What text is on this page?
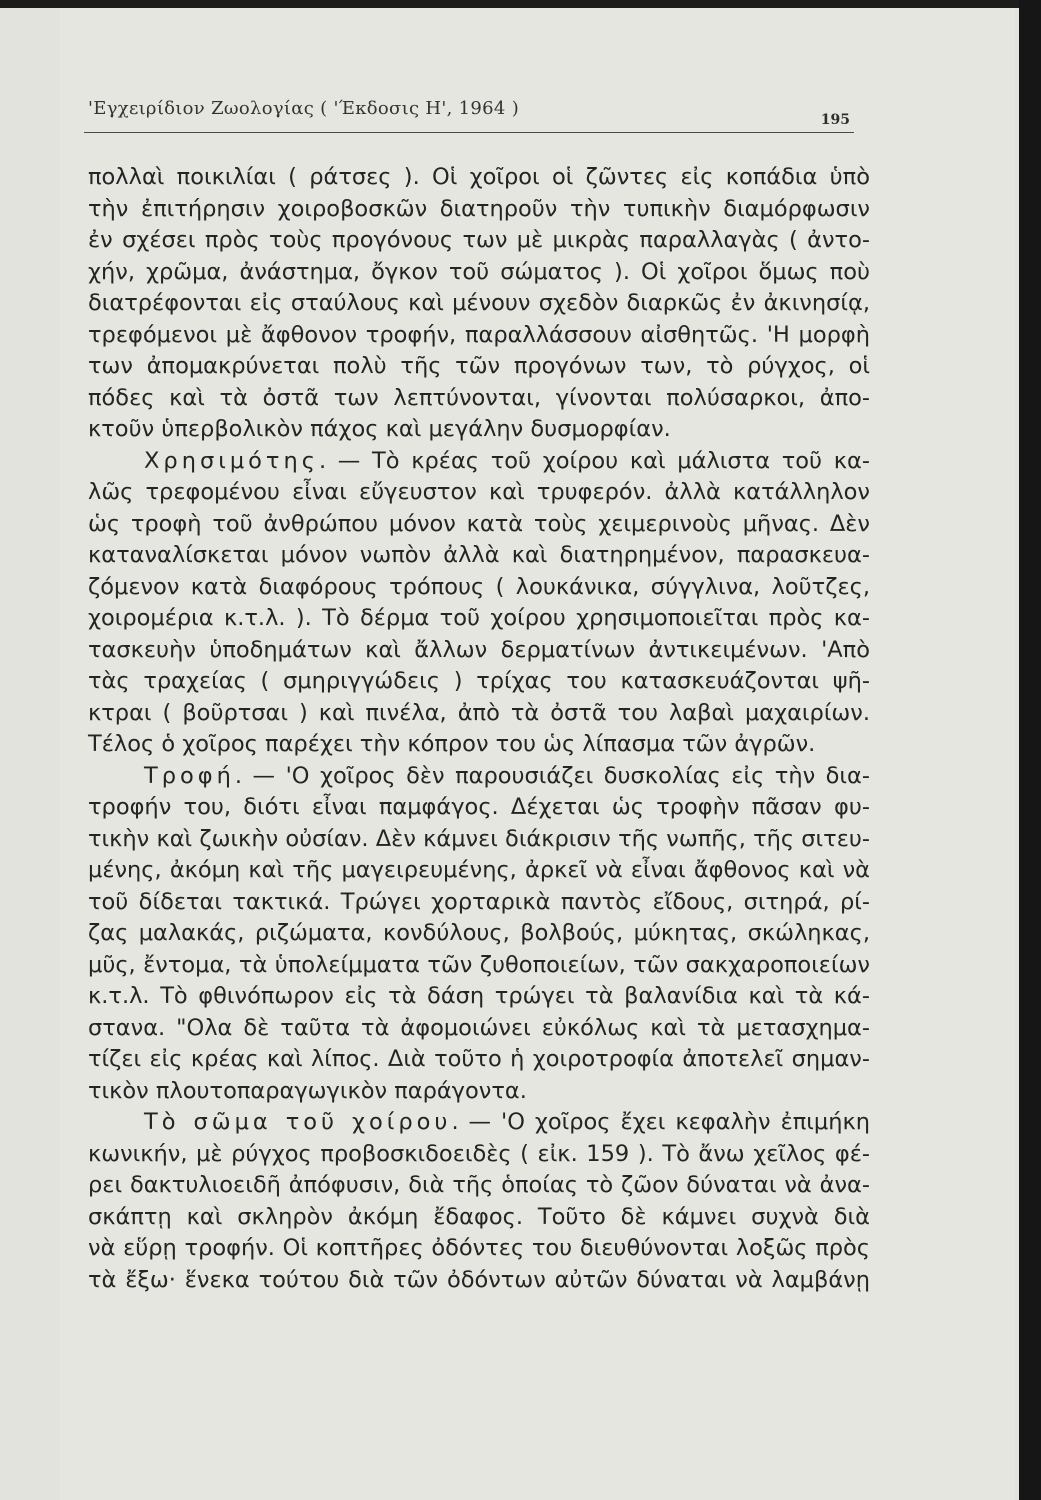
'Εγχειρίδιον Ζωολογίας ( 'Έκδοσις Η', 1964 )
195
πολλαὶ ποικιλίαι ( ράτσες ). Οἱ χοῖροι οἱ ζῶντες εἰς κοπάδια ὑπὸ
τὴν ἐπιτήρησιν χοιροβοσκῶν διατηροῦν τὴν τυπικὴν διαμόρφωσιν
ἐν σχέσει πρὸς τοὺς προγόνους των μὲ μικρὰς παραλλαγὰς ( ἀντο-
χήν, χρῶμα, ἀνάστημα, ὄγκον τοῦ σώματος ). Οἱ χοῖροι ὅμως ποὺ
διατρέφονται εἰς σταύλους καὶ μένουν σχεδὸν διαρκῶς ἐν ἀκινησίᾳ,
τρεφόμενοι μὲ ἄφθονον τροφήν, παραλλάσσουν αἰσθητῶς. 'Η μορφὴ
των ἀπομακρύνεται πολὺ τῆς τῶν προγόνων των, τὸ ρύγχος, οἱ
πόδες καὶ τὰ ὀστᾶ των λεπτύνονται, γίνονται πολύσαρκοι, ἀπο-
κτοῦν ὑπερβολικὸν πάχος καὶ μεγάλην δυσμορφίαν.
Χρησιμότης. — Τὸ κρέας τοῦ χοίρου καὶ μάλιστα τοῦ κα-
λῶς τρεφομένου εἶναι εὔγευστον καὶ τρυφερόν. ἀλλὰ κατάλληλον
ὡς τροφὴ τοῦ ἀνθρώπου μόνον κατὰ τοὺς χειμερινοὺς μῆνας. Δὲν
καταναλίσκεται μόνον νωπὸν ἀλλὰ καὶ διατηρημένον, παρασκευα-
ζόμενον κατὰ διαφόρους τρόπους ( λουκάνικα, σύγγλινα, λοῦτζες,
χοιρομέρια κ.τ.λ. ). Τὸ δέρμα τοῦ χοίρου χρησιμοποιεῖται πρὸς κα-
τασκευὴν ὑποδημάτων καὶ ἄλλων δερματίνων ἀντικειμένων. 'Απὸ
τὰς τραχείας ( σμηριγγώδεις ) τρίχας του κατασκευάζονται ψῆ-
κτραι ( βοῦρτσαι ) καὶ πινέλα, ἀπὸ τὰ ὀστᾶ του λαβαὶ μαχαιρίων.
Τέλος ὁ χοῖρος παρέχει τὴν κόπρον του ὡς λίπασμα τῶν ἀγρῶν.
Τροφή. — 'Ο χοῖρος δὲν παρουσιάζει δυσκολίας εἰς τὴν δια-
τροφήν του, διότι εἶναι παμφάγος. Δέχεται ὡς τροφὴν πᾶσαν φυ-
τικὴν καὶ ζωικὴν οὐσίαν. Δὲν κάμνει διάκρισιν τῆς νωπῆς, τῆς σιτευ-
μένης, ἀκόμη καὶ τῆς μαγειρευμένης, ἀρκεῖ νὰ εἶναι ἄφθονος καὶ νὰ
τοῦ δίδεται τακτικά. Τρώγει χορταρικὰ παντὸς εἴδους, σιτηρά, ρί-
ζας μαλακάς, ριζώματα, κονδύλους, βολβούς, μύκητας, σκώληκας,
μῦς, ἔντομα, τὰ ὑπολείμματα τῶν ζυθοποιείων, τῶν σακχαροποιείων
κ.τ.λ. Τὸ φθινόπωρον εἰς τὰ δάση τρώγει τὰ βαλανίδια καὶ τὰ κά-
στανα. "Ολα δὲ ταῦτα τὰ ἀφομοιώνει εὐκόλως καὶ τὰ μετασχημα-
τίζει εἰς κρέας καὶ λίπος. Διὰ τοῦτο ἡ χοιροτροφία ἀποτελεῖ σημαν-
τικὸν πλουτοπαραγωγικὸν παράγοντα.
Τὸ σῶμα τοῦ χοίρου. — 'Ο χοῖρος ἔχει κεφαλὴν ἐπιμήκη
κωνικήν, μὲ ρύγχος προβοσκιδοειδὲς ( εἰκ. 159 ). Τὸ ἄνω χεῖλος φέ-
ρει δακτυλιοειδῆ ἀπόφυσιν, διὰ τῆς ὁποίας τὸ ζῶον δύναται νὰ ἀνα-
σκάπτῃ καὶ σκληρὸν ἀκόμη ἔδαφος. Τοῦτο δὲ κάμνει συχνὰ διὰ
νὰ εὕρῃ τροφήν. Οἱ κοπτῆρες ὀδόντες του διευθύνονται λοξῶς πρὸς
τὰ ἔξω· ἕνεκα τούτου διὰ τῶν ὀδόντων αὐτῶν δύναται νὰ λαμβάνῃ
